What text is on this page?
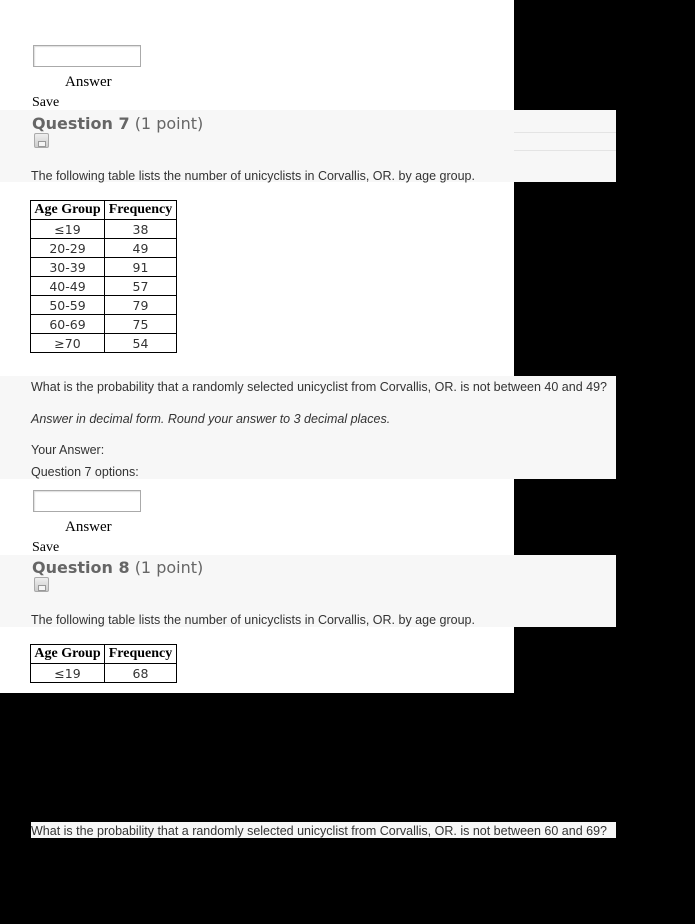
Answer
Save
Question 7 (1 point)
The following table lists the number of unicyclists in Corvallis, OR. by age group.
Age Group	Frequency
≤19	38
20-29	49
30-39	91
40-49	57
50-59	79
60-69	75
≥70	54
What is the probability that a randomly selected unicyclist from Corvallis, OR. is not between 40 and 49?
Answer in decimal form. Round your answer to 3 decimal places.
Your Answer:
Question 7 options:
Answer
Save
Question 8 (1 point)
The following table lists the number of unicyclists in Corvallis, OR. by age group.
Age Group	Frequency
≤19	68
What is the probability that a randomly selected unicyclist from Corvallis, OR. is not between 60 and 69?
